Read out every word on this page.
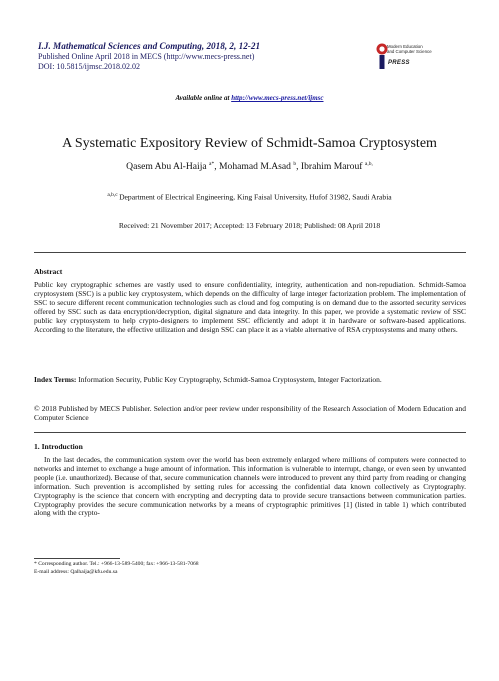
I.J. Mathematical Sciences and Computing, 2018, 2, 12-21
Published Online April 2018 in MECS (http://www.mecs-press.net)
DOI: 10.5815/ijmsc.2018.02.02
Modern Education
and Computer Science
PRESS
Available online at http://www.mecs-press.net/ijmsc
A Systematic Expository Review of Schmidt-Samoa Cryptosystem
Qasem Abu Al-Haija $^{a*}$, Mohamad M.Asad $^b$, Ibrahim Marouf $^{a,b,}$
$^{a,b,c}$ Department of Electrical Engineering, King Faisal University, Hufof 31982, Saudi Arabia
Received: 21 November 2017; Accepted: 13 February 2018; Published: 08 April 2018
Abstract
Public key cryptographic schemes are vastly used to ensure confidentiality, integrity, authentication and non-repudiation. Schmidt-Samoa cryptosystem (SSC) is a public key cryptosystem, which depends on the difficulty of large integer factorization problem. The implementation of SSC to secure different recent communication technologies such as cloud and fog computing is on demand due to the assorted security services offered by SSC such as data encryption/decryption, digital signature and data integrity. In this paper, we provide a systematic review of SSC public key cryptosystem to help crypto-designers to implement SSC efficiently and adopt it in hardware or software-based applications. According to the literature, the effective utilization and design SSC can place it as a viable alternative of RSA cryptosystems and many others.
Index Terms: Information Security, Public Key Cryptography, Schmidt-Samoa Cryptosystem, Integer Factorization.
© 2018 Published by MECS Publisher. Selection and/or peer review under responsibility of the Research Association of Modern Education and Computer Science
1. Introduction
In the last decades, the communication system over the world has been extremely enlarged where millions of computers were connected to networks and internet to exchange a huge amount of information. This information is vulnerable to interrupt, change, or even seen by unwanted people (i.e. unauthorized). Because of that, secure communication channels were introduced to prevent any third party from reading or changing information. Such prevention is accomplished by setting rules for accessing the confidential data known collectively as Cryptography. Cryptography is the science that concern with encrypting and decrypting data to provide secure transactions between communication parties. Cryptography provides the secure communication networks by a means of cryptographic primitives [1] (listed in table 1) which contributed along with the crypto-
* Corresponding author. Tel.: +966-13-589-5400; fax: +966-13-581-7068
E-mail address: Qalhaija@kfu.edu.sa
